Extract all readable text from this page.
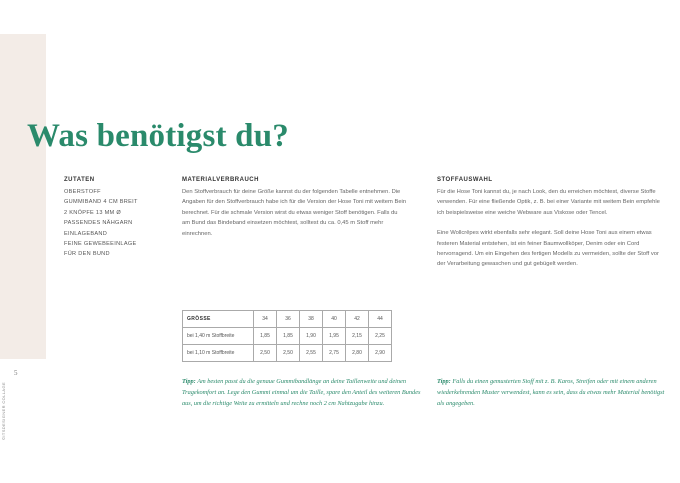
5
©ITSDESIGNER COLLAGE
Was benötigst du?
ZUTATEN
OBERSTOFF
GUMMIBAND 4 CM BREIT
2 KNÖPFE 13 MM Ø
PASSENDES NÄHGARN
EINLAGEBAND
FEINE GEWEBEEINLAGE
FÜR DEN BUND
MATERIALVERBRAUCH

Den Stoffverbrauch für deine Größe kannst du der folgenden Tabelle entnehmen. Die Angaben für den Stoffverbrauch habe ich für die Version der Hose Toni mit weitem Bein berechnet. Für die schmale Version wirst du etwas weniger Stoff benötigen. Falls du am Bund das Bindeband einsetzen möchtest, solltest du ca. 0,45 m Stoff mehr einrechnen.

STOFFAUSWAHL

Für die Hose Toni kannst du, je nach Look, den du erreichen möchtest, diverse Stoffe verwenden. Für eine fließende Optik, z. B. bei einer Variante mit weitem Bein empfehle ich beispielsweise eine weiche Webware aus Viskose oder Tencel.

Eine Wollcrêpes wirkt ebenfalls sehr elegant. Soll deine Hose Toni aus einem etwas festeren Material entstehen, ist ein feiner Baumwollköper, Denim oder ein Cord hervorragend. Um ein Eingehen des fertigen Modells zu vermeiden, sollte der Stoff vor der Verarbeitung gewaschen und gut gebügelt werden.

GRÖSSE	34	36	38	40	42	44
bei 1,40 m Stoffbreite	1,85	1,85	1,90	1,95	2,15	2,25
bei 1,10 m Stoffbreite	2,50	2,50	2,55	2,75	2,80	2,90

Tipp: Am besten passt du die genaue Gummibandlänge an deine Taillenweite und deinen Tragekomfort an. Lege den Gummi einmal um die Taille, spare den Anteil des weiteren Bundes aus, um die richtige Weite zu ermitteln und rechne noch 2 cm Nahtzugabe hinzu.

Tipp: Falls du einen gemusterten Stoff mit z. B. Karos, Streifen oder mit einem anderen wiederkehrenden Muster verwendest, kann es sein, dass du etwas mehr Material benötigst als angegeben.
